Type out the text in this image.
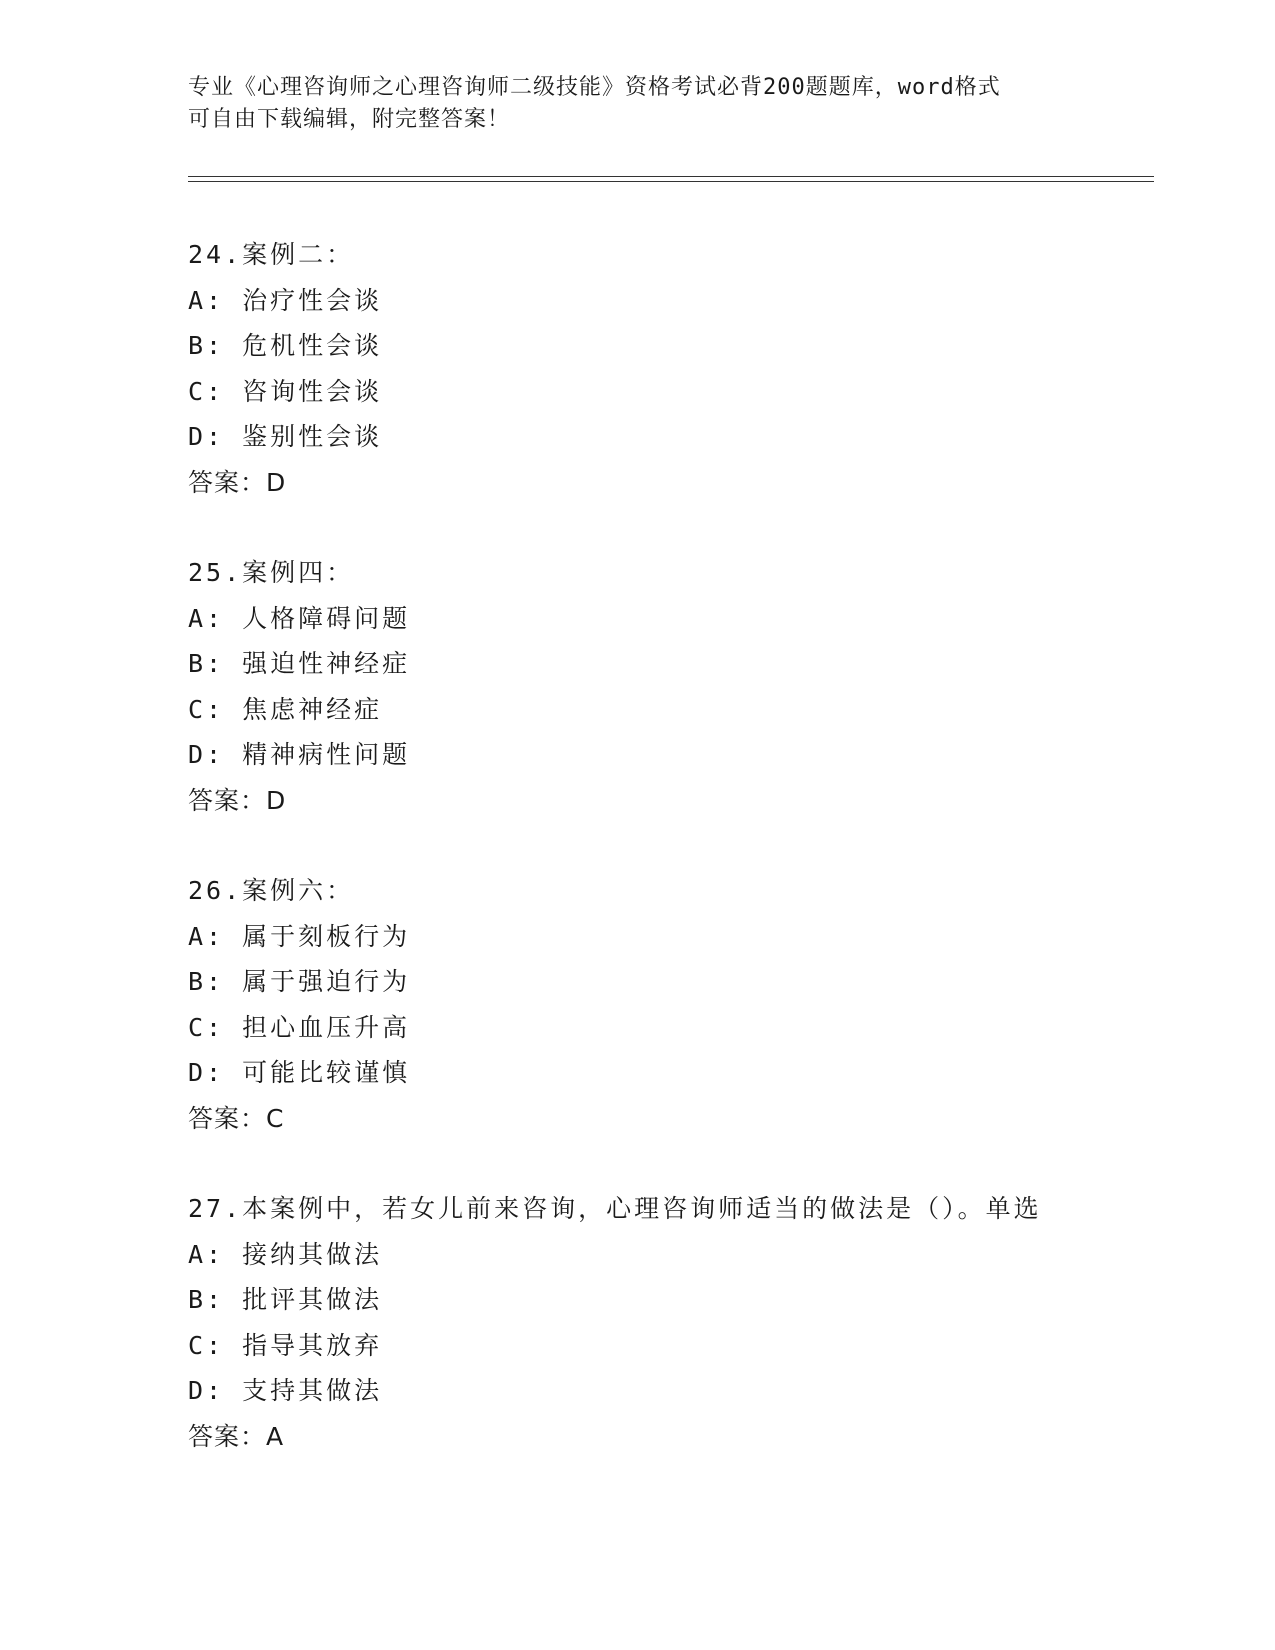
专业《心理咨询师之心理咨询师二级技能》资格考试必背200题题库，word格式
可自由下载编辑，附完整答案！
24.案例二：
A: 治疗性会谈
B: 危机性会谈
C: 咨询性会谈
D: 鉴别性会谈
答案：D
25.案例四：
A: 人格障碍问题
B: 强迫性神经症
C: 焦虑神经症
D: 精神病性问题
答案：D
26.案例六：
A: 属于刻板行为
B: 属于强迫行为
C: 担心血压升高
D: 可能比较谨慎
答案：C
27.本案例中，若女儿前来咨询，心理咨询师适当的做法是（）。单选
A: 接纳其做法
B: 批评其做法
C: 指导其放弃
D: 支持其做法
答案：A
